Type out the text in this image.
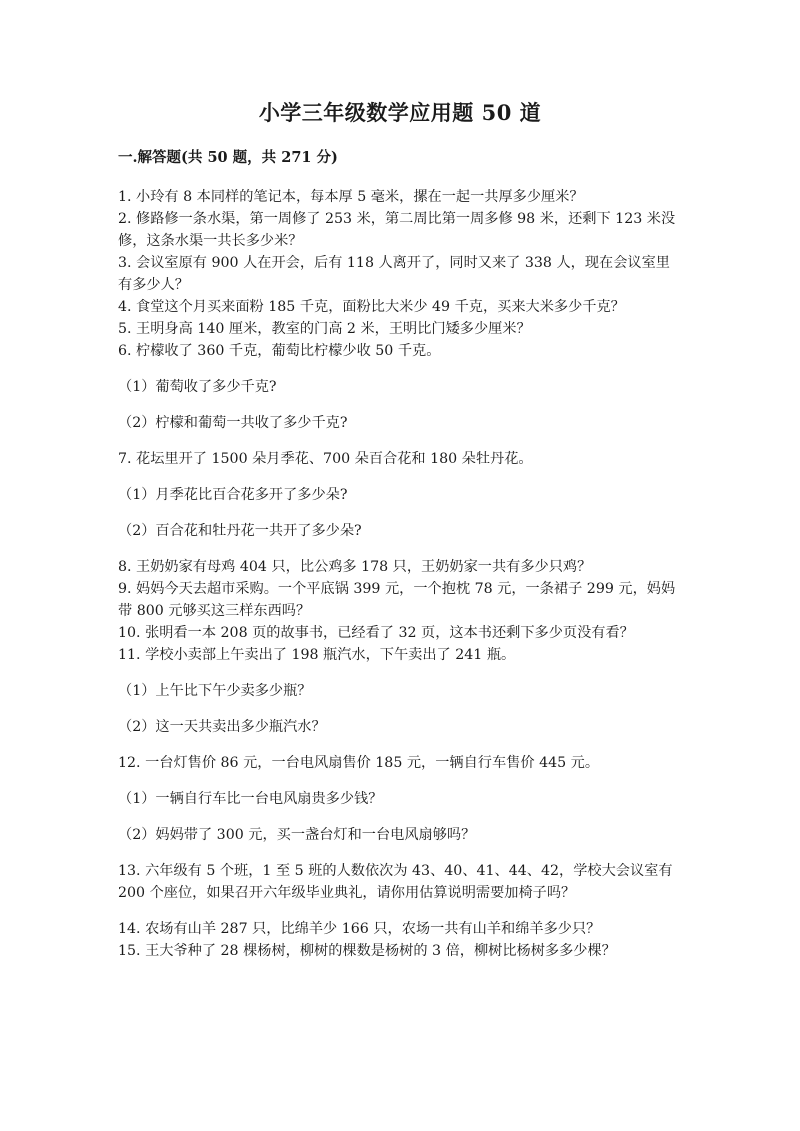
小学三年级数学应用题 50 道
一.解答题(共 50 题，共 271 分)

1. 小玲有 8 本同样的笔记本，每本厚 5 毫米，摞在一起一共厚多少厘米？

2. 修路修一条水渠，第一周修了 253 米，第二周比第一周多修 98 米，还剩下 123 米没修，这条水渠一共长多少米？

3. 会议室原有 900 人在开会，后有 118 人离开了，同时又来了 338 人，现在会议室里有多少人？

4. 食堂这个月买来面粉 185 千克，面粉比大米少 49 千克，买来大米多少千克？

5. 王明身高 140 厘米，教室的门高 2 米，王明比门矮多少厘米？

6. 柠檬收了 360 千克，葡萄比柠檬少收 50 千克。

（1）葡萄收了多少千克?

（2）柠檬和葡萄一共收了多少千克?

7. 花坛里开了 1500 朵月季花、700 朵百合花和 180 朵牡丹花。

（1）月季花比百合花多开了多少朵?

（2）百合花和牡丹花一共开了多少朵?

8. 王奶奶家有母鸡 404 只，比公鸡多 178 只，王奶奶家一共有多少只鸡？

9. 妈妈今天去超市采购。一个平底锅 399 元，一个抱枕 78 元，一条裙子 299 元，妈妈带 800 元够买这三样东西吗？

10. 张明看一本 208 页的故事书，已经看了 32 页，这本书还剩下多少页没有看？

11. 学校小卖部上午卖出了 198 瓶汽水，下午卖出了 241 瓶。

（1）上午比下午少卖多少瓶？

（2）这一天共卖出多少瓶汽水？

12. 一台灯售价 86 元，一台电风扇售价 185 元，一辆自行车售价 445 元。

（1）一辆自行车比一台电风扇贵多少钱？

（2）妈妈带了 300 元，买一盏台灯和一台电风扇够吗？

13. 六年级有 5 个班，1 至 5 班的人数依次为 43、40、41、44、42，学校大会议室有 200 个座位，如果召开六年级毕业典礼，请你用估算说明需要加椅子吗？

14. 农场有山羊 287 只，比绵羊少 166 只，农场一共有山羊和绵羊多少只？

15. 王大爷种了 28 棵杨树，柳树的棵数是杨树的 3 倍，柳树比杨树多多少棵？
